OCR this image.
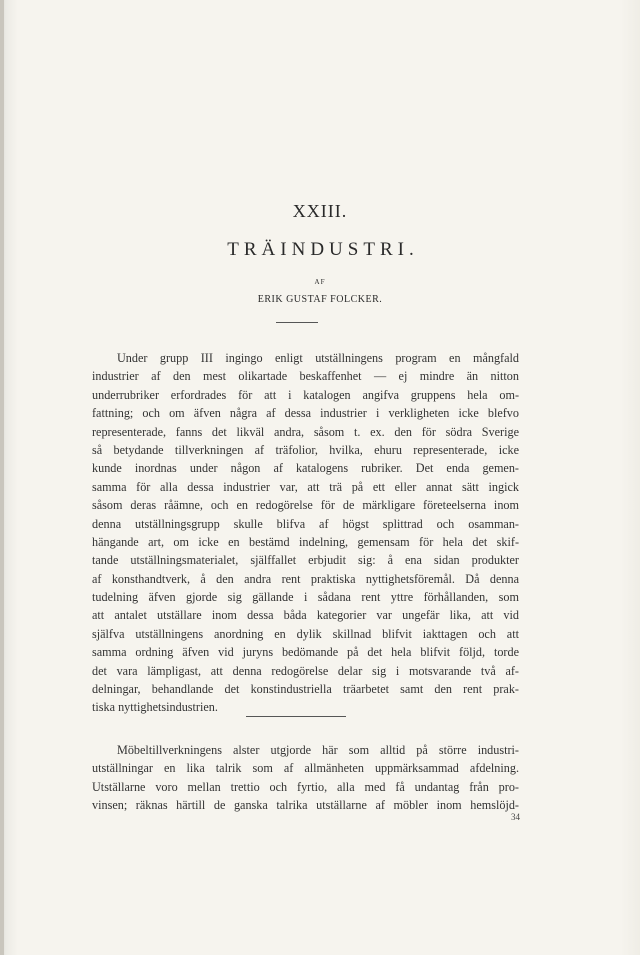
XXIII.
TRÄINDUSTRI.
AF
ERIK GUSTAF FOLCKER.
Under grupp III ingingo enligt utställningens program en mångfald
industrier af den mest olikartade beskaffenhet — ej mindre än nitton
underrubriker erfordrades för att i katalogen angifva gruppens hela om-
fattning; och om äfven några af dessa industrier i verkligheten icke blefvo
representerade, fanns det likväl andra, såsom t. ex. den för södra Sverige
så betydande tillverkningen af träfolior, hvilka, ehuru representerade, icke
kunde inordnas under någon af katalogens rubriker. Det enda gemen-
samma för alla dessa industrier var, att trä på ett eller annat sätt ingick
såsom deras råämne, och en redogörelse för de märkligare företeelserna inom
denna utställningsgrupp skulle blifva af högst splittrad och osamman-
hängande art, om icke en bestämd indelning, gemensam för hela det skif-
tande utställningsmaterialet, själffallet erbjudit sig: å ena sidan produkter
af konsthandtverk, å den andra rent praktiska nyttighetsföremål. Då denna
tudelning äfven gjorde sig gällande i sådana rent yttre förhållanden, som
att antalet utställare inom dessa båda kategorier var ungefär lika, att vid
själfva utställningens anordning en dylik skillnad blifvit iakttagen och att
samma ordning äfven vid juryns bedömande på det hela blifvit följd, torde
det vara lämpligast, att denna redogörelse delar sig i motsvarande två af-
delningar, behandlande det konstindustriella träarbetet samt den rent prak-
tiska nyttighetsindustrien.
Möbeltillverkningens alster utgjorde här som alltid på större industri-
utställningar en lika talrik som af allmänheten uppmärksammad afdelning.
Utställarne voro mellan trettio och fyrtio, alla med få undantag från pro-
vinsen; räknas härtill de ganska talrika utställarne af möbler inom hemslöjd-
34
